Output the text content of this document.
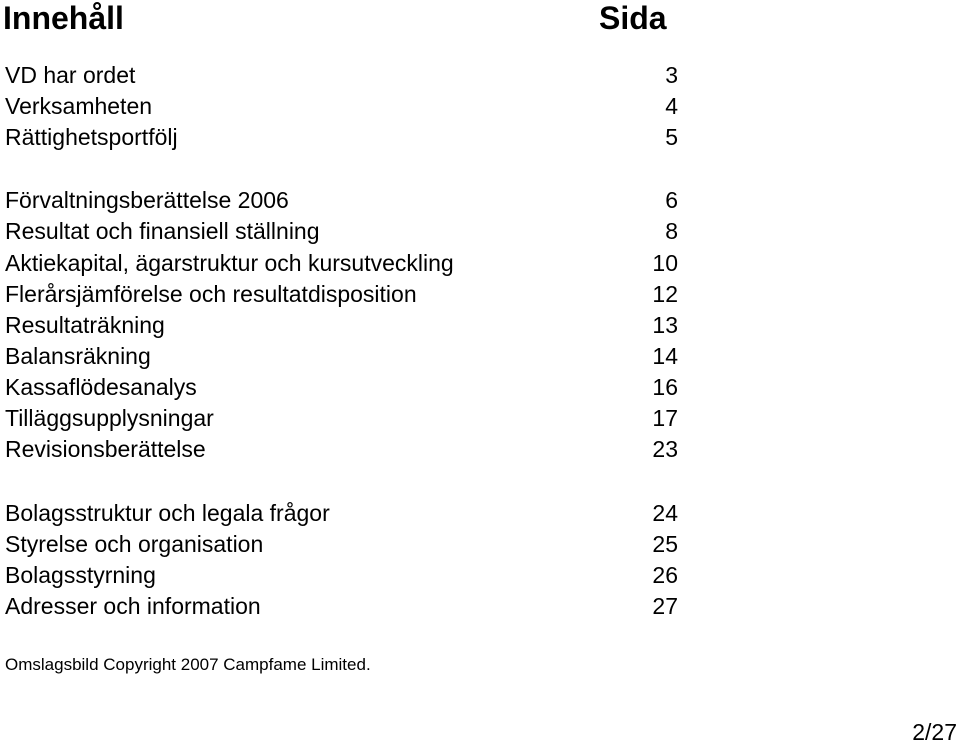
Innehåll	Sida
VD har ordet	3
Verksamheten	4
Rättighetsportfölj	5
Förvaltningsberättelse 2006	6
Resultat och finansiell ställning	8
Aktiekapital, ägarstruktur och kursutveckling	10
Flerårsjämförelse och resultatdisposition	12
Resultaträkning	13
Balansräkning	14
Kassaflödesanalys	16
Tilläggsupplysningar	17
Revisionsberättelse	23
Bolagsstruktur och legala frågor	24
Styrelse och organisation	25
Bolagsstyrning	26
Adresser och information	27
Omslagsbild Copyright 2007 Campfame Limited.
2/27
